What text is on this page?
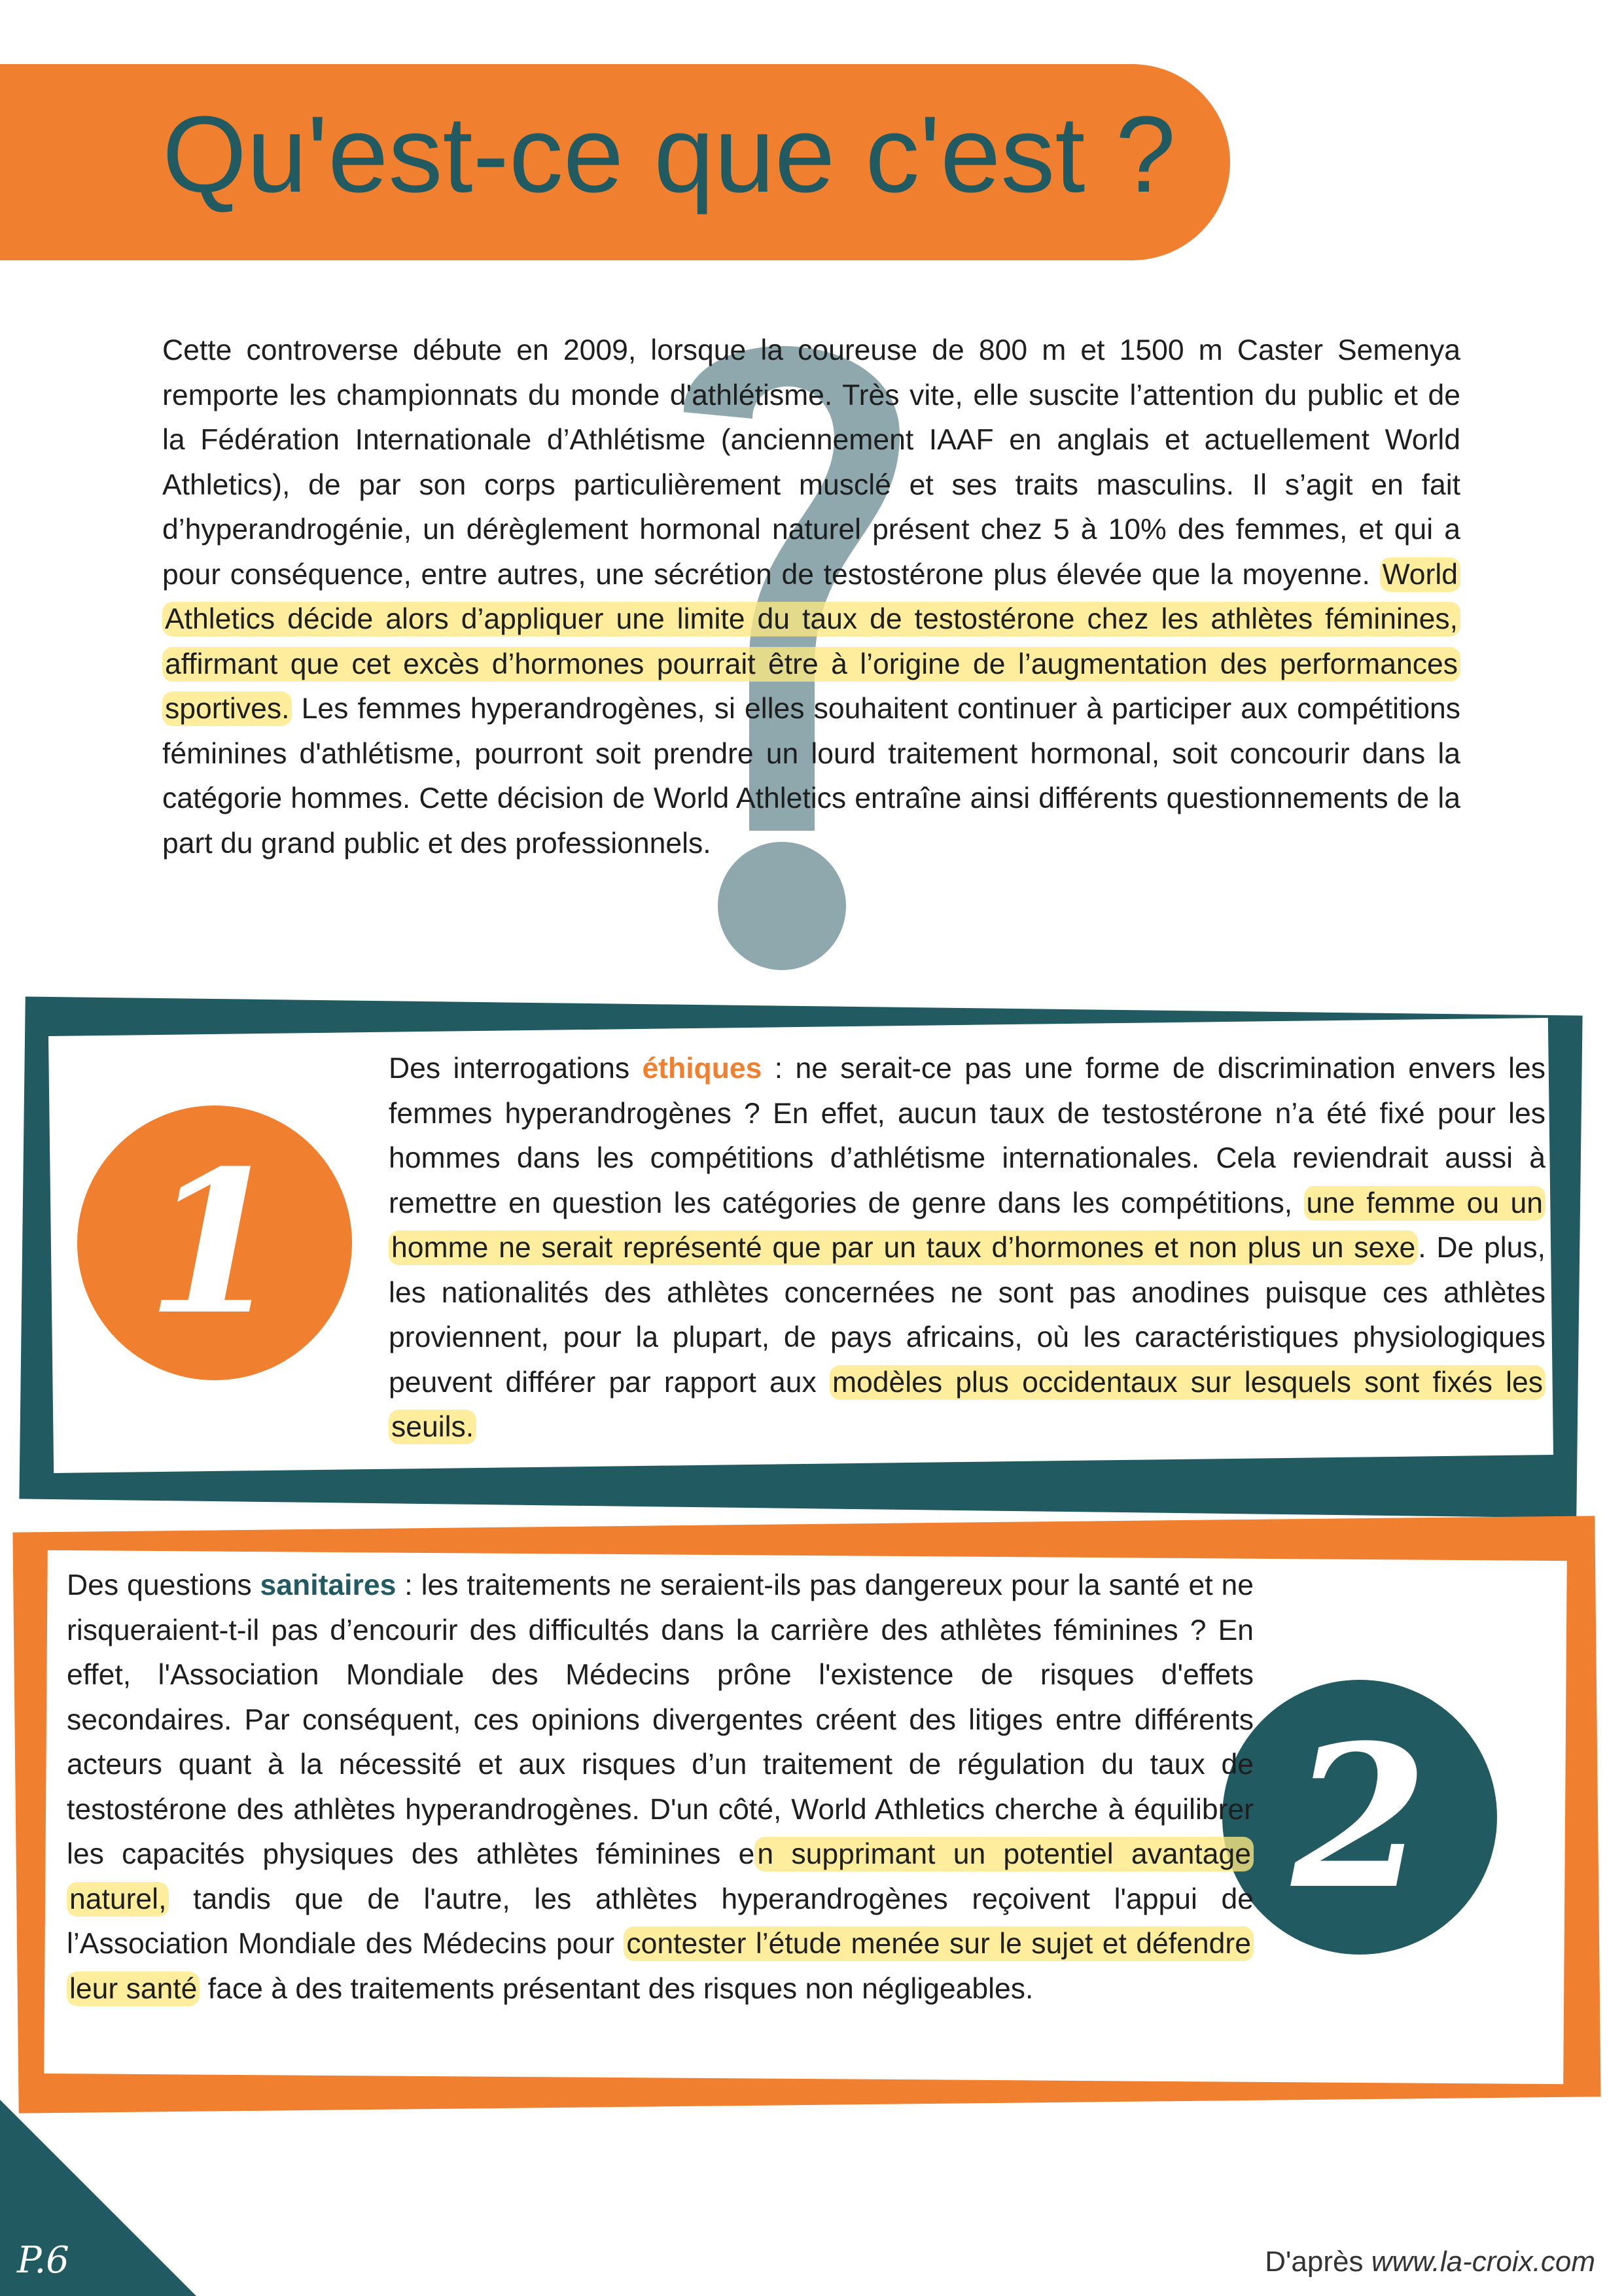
Qu'est-ce que c'est ?

Cette controverse débute en 2009, lorsque la coureuse de 800 m et 1500 m Caster Semenya remporte les championnats du monde d'athlétisme. Très vite, elle suscite l’attention du public et de la Fédération Internationale d’Athlétisme (anciennement IAAF en anglais et actuellement World Athletics), de par son corps particulièrement musclé et ses traits masculins. Il s’agit en fait d’hyperandrogénie, un dérèglement hormonal naturel présent chez 5 à 10% des femmes, et qui a pour conséquence, entre autres, une sécrétion de testostérone plus élevée que la moyenne. World Athletics décide alors d’appliquer une limite du taux de testostérone chez les athlètes féminines, affirmant que cet excès d’hormones pourrait être à l’origine de l’augmentation des performances sportives. Les femmes hyperandrogènes, si elles souhaitent continuer à participer aux compétitions féminines d'athlétisme, pourront soit prendre un lourd traitement hormonal, soit concourir dans la catégorie hommes. Cette décision de World Athletics entraîne ainsi différents questionnements de la part du grand public et des professionnels.

1

Des interrogations éthiques : ne serait-ce pas une forme de discrimination envers les femmes hyperandrogènes ? En effet, aucun taux de testostérone n’a été fixé pour les hommes dans les compétitions d’athlétisme internationales. Cela reviendrait aussi à remettre en question les catégories de genre dans les compétitions, une femme ou un homme ne serait représenté que par un taux d’hormones et non plus un sexe. De plus, les nationalités des athlètes concernées ne sont pas anodines puisque ces athlètes proviennent, pour la plupart, de pays africains, où les caractéristiques physiologiques peuvent différer par rapport aux modèles plus occidentaux sur lesquels sont fixés les seuils.

2

Des questions sanitaires : les traitements ne seraient-ils pas dangereux pour la santé et ne risqueraient-t-il pas d’encourir des difficultés dans la carrière des athlètes féminines ? En effet, l'Association Mondiale des Médecins prône l'existence de risques d'effets secondaires. Par conséquent, ces opinions divergentes créent des litiges entre différents acteurs quant à la nécessité et aux risques d’un traitement de régulation du taux de testostérone des athlètes hyperandrogènes. D'un côté, World Athletics cherche à équilibrer les capacités physiques des athlètes féminines en supprimant un potentiel avantage naturel, tandis que de l'autre, les athlètes hyperandrogènes reçoivent l'appui de l’Association Mondiale des Médecins pour contester l’étude menée sur le sujet et défendre leur santé face à des traitements présentant des risques non négligeables.

P.6	D'après www.la-croix.com
